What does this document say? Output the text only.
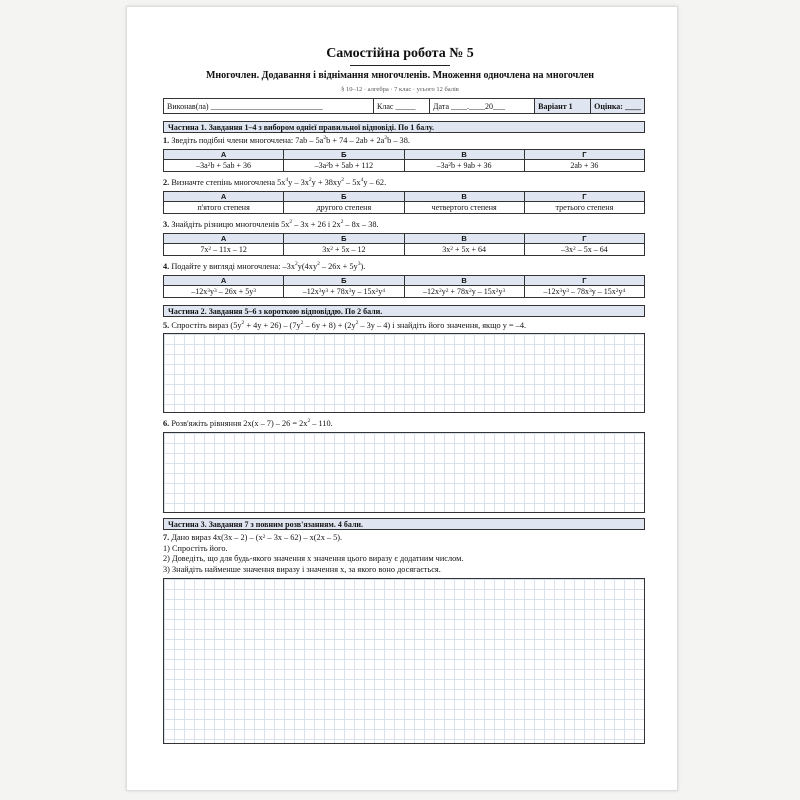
Самостійна робота № 5
Многочлен. Додавання і віднімання многочленів. Множення одночлена на многочлен
§ 10–12 · алгебра · 7 клас · усього 12 балів
Виконав(ла) ____________________________	Клас _____	Дата ____.____20___	Варіант 1	Оцінка: ____
Частина 1. Завдання 1–4 з вибором однієї правильної відповіді. По 1 балу.
1. Зведіть подібні члени многочлена: $7ab - 5a^2b + 74 - 2ab + 2a^2b - 38$.
А	Б	В	Г
$-3a^2b + 5ab + 36$	$-3a^2b + 5ab + 112$	$-3a^2b + 9ab + 36$	2ab + 36
2. Визначте степінь многочлена $5x^4y - 3x^2y + 38xy^2 - 5x^4y - 62$.
А	Б	В	Г
п'ятого степеня	другого степеня	четвертого степеня	третього степеня
3. Знайдіть різницю многочленів $5x^2 - 3x + 26$ і $2x^2 - 8x - 38$.
А	Б	В	Г
$7x^2 - 11x - 12$	$3x^2 + 5x - 12$	$3x^2 + 5x + 64$	$-3x^2 - 5x - 64$
4. Подайте у вигляді многочлена: $-3x^2y(4xy^2 - 26x + 5y^3)$.
А	Б	В	Г
$-12x^3y^3 - 26x + 5y^3$	$-12x^3y^3 + 78x^3y - 15x^2y^4$	$-12x^2y^2 + 78x^2y - 15x^2y^3$	$-12x^3y^3 - 78x^3y - 15x^2y^4$
Частина 2. Завдання 5–6 з короткою відповіддю. По 2 бали.
5. Спростіть вираз $(5y^2 + 4y + 26) - (7y^2 - 6y + 8) + (2y^2 - 3y - 4)$ і знайдіть його значення, якщо y = –4.
6. Розв'яжіть рівняння $2x(x - 7) - 26 = 2x^2 - 110$.
Частина 3. Завдання 7 з повним розв'язанням. 4 бали.
7. Дано вираз $4x(3x - 2) - (x^2 - 3x - 62) - x(2x - 5)$.
1) Спростіть його.
2) Доведіть, що для будь-якого значення x значення цього виразу є додатним числом.
3) Знайдіть найменше значення виразу і значення x, за якого воно досягається.
